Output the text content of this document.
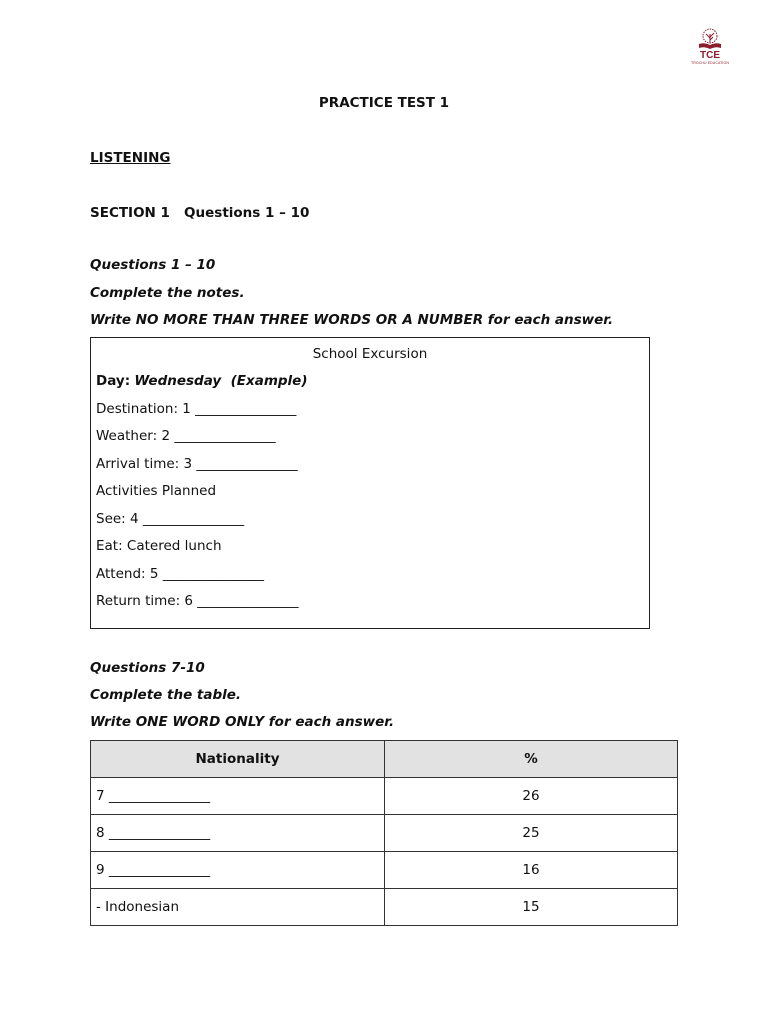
TCE
TROCHU EDUCATION
PRACTICE TEST 1
LISTENING
SECTION 1   Questions 1 – 10
Questions 1 – 10
Complete the notes.
Write NO MORE THAN THREE WORDS OR A NUMBER for each answer.
School Excursion
Day: Wednesday  (Example)
Destination: 1 _______________
Weather: 2 _______________
Arrival time: 3 _______________
Activities Planned
See: 4 _______________
Eat: Catered lunch
Attend: 5 _______________
Return time: 6 _______________
Questions 7-10
Complete the table.
Write ONE WORD ONLY for each answer.
Nationality	%
7 _______________	26
8 _______________	25
9 _______________	16
- Indonesian	15
